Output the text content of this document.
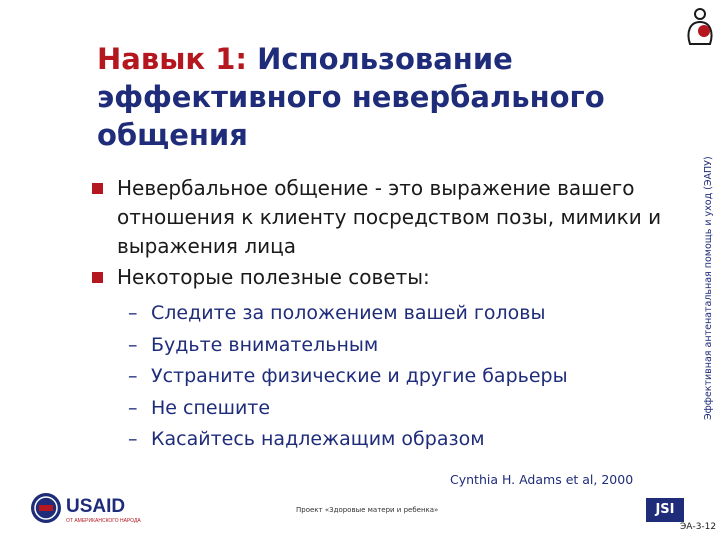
Навык 1: Использование эффективного невербального общения
Эффективная антенатальная помощь и уход (ЭАПУ)
Невербальное общение - это выражение вашего отношения к клиенту посредством позы, мимики и выражения лица
Некоторые полезные советы:
– Следите за положением вашей головы
– Будьте внимательным
– Устраните физические и другие барьеры
– Не спешите
– Касайтесь надлежащим образом
Cynthia H. Adams et al, 2000
USAID
ОТ АМЕРИКАНСКОГО НАРОДА
Проект «Здоровые матери и ребенка»	JSI
ЭА-3-12
